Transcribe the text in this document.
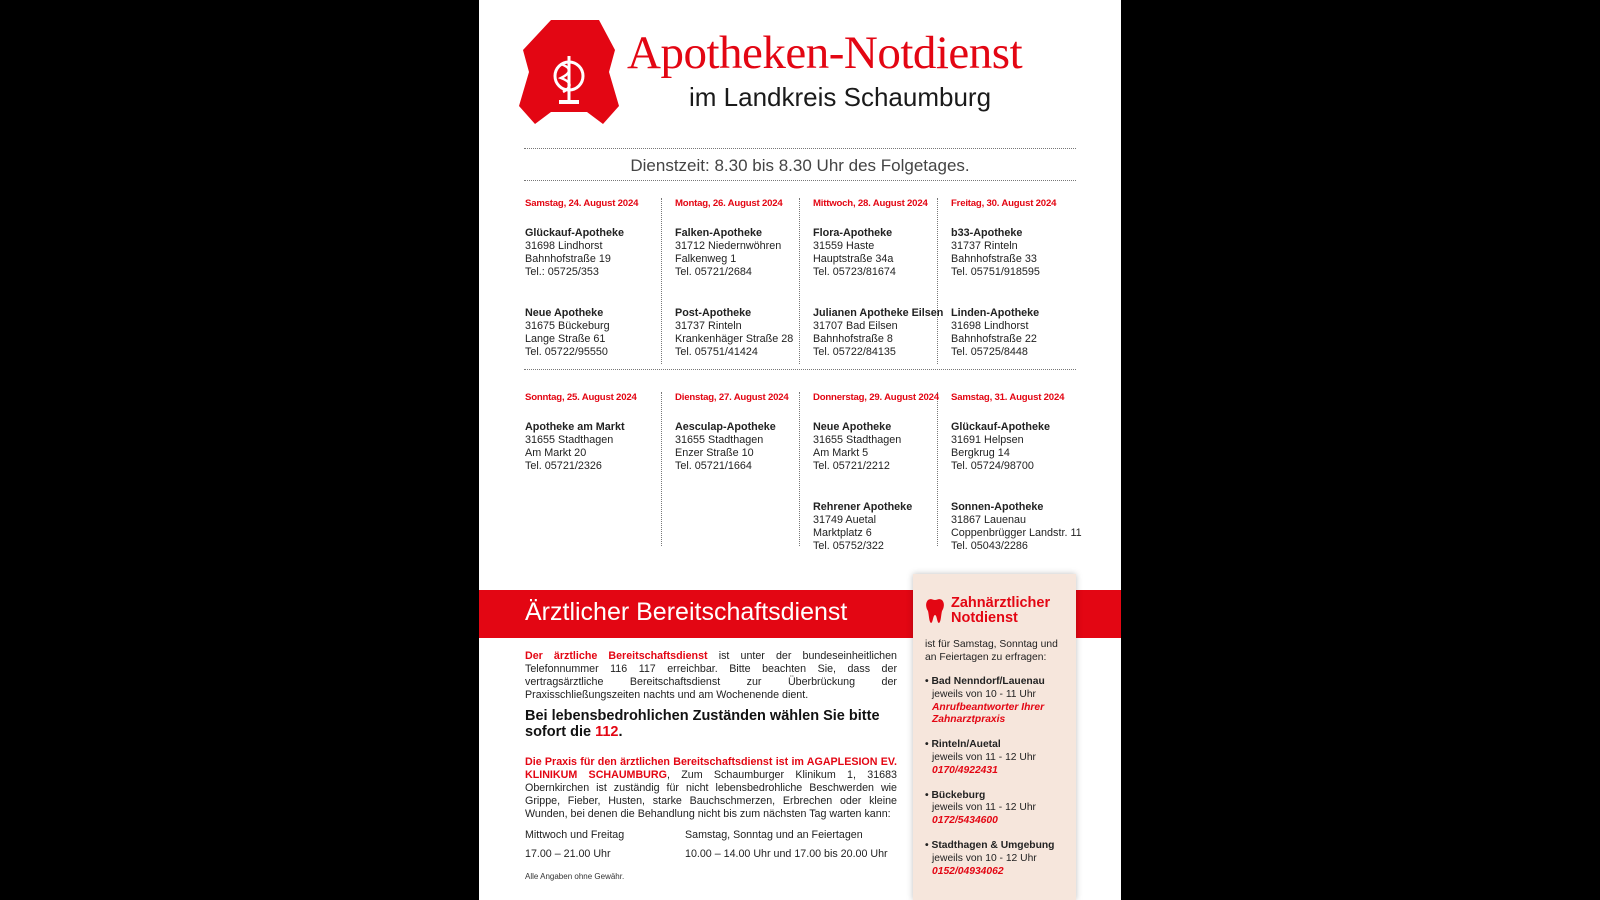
Apotheken-Notdienst
im Landkreis Schaumburg
Dienstzeit: 8.30 bis 8.30 Uhr des Folgetages.
Samstag, 24. August 2024
Glückauf-Apotheke
31698 Lindhorst
Bahnhofstraße 19
Tel.: 05725/353
Neue Apotheke
31675 Bückeburg
Lange Straße 61
Tel. 05722/95550
Montag, 26. August 2024
Falken-Apotheke
31712 Niedernwöhren
Falkenweg 1
Tel. 05721/2684
Post-Apotheke
31737 Rinteln
Krankenhäger Straße 28
Tel. 05751/41424
Mittwoch, 28. August 2024
Flora-Apotheke
31559 Haste
Hauptstraße 34a
Tel. 05723/81674
Julianen Apotheke Eilsen
31707 Bad Eilsen
Bahnhofstraße 8
Tel. 05722/84135
Freitag, 30. August 2024
b33-Apotheke
31737 Rinteln
Bahnhofstraße 33
Tel. 05751/918595
Linden-Apotheke
31698 Lindhorst
Bahnhofstraße 22
Tel. 05725/8448
Sonntag, 25. August 2024
Apotheke am Markt
31655 Stadthagen
Am Markt 20
Tel. 05721/2326
Dienstag, 27. August 2024
Aesculap-Apotheke
31655 Stadthagen
Enzer Straße 10
Tel. 05721/1664
Donnerstag, 29. August 2024
Neue Apotheke
31655 Stadthagen
Am Markt 5
Tel. 05721/2212
Rehrener Apotheke
31749 Auetal
Marktplatz 6
Tel. 05752/322
Samstag, 31. August 2024
Glückauf-Apotheke
31691 Helpsen
Bergkrug 14
Tel. 05724/98700
Sonnen-Apotheke
31867 Lauenau
Coppenbrügger Landstr. 11
Tel. 05043/2286
Ärztlicher Bereitschaftsdienst
Der ärztliche Bereitschaftsdienst ist unter der bundeseinheitlichen Telefonnummer 116 117 erreichbar. Bitte beachten Sie, dass der vertragsärztliche Bereitschaftsdienst zur Überbrückung der Praxisschließungszeiten nachts und am Wochenende dient.
Bei lebensbedrohlichen Zuständen wählen Sie bitte sofort die 112.
Die Praxis für den ärztlichen Bereitschaftsdienst ist im AGAPLESION EV. KLINIKUM SCHAUMBURG, Zum Schaumburger Klinikum 1, 31683 Obernkirchen ist zuständig für nicht lebensbedrohliche Beschwerden wie Grippe, Fieber, Husten, starke Bauchschmerzen, Erbrechen oder kleine Wunden, bei denen die Behandlung nicht bis zum nächsten Tag warten kann:
Mittwoch und Freitag
17.00 – 21.00 Uhr
Samstag, Sonntag und an Feiertagen
10.00 – 14.00 Uhr und 17.00 bis 20.00 Uhr
Alle Angaben ohne Gewähr.
Zahnärztlicher
Notdienst
ist für Samstag, Sonntag und an Feiertagen zu erfragen:
• Bad Nenndorf/Lauenau
jeweils von 10 - 11 Uhr
Anrufbeantworter Ihrer
Zahnarztpraxis
• Rinteln/Auetal
jeweils von 11 - 12 Uhr
0170/4922431
• Bückeburg
jeweils von 11 - 12 Uhr
0172/5434600
• Stadthagen & Umgebung
jeweils von 10 - 12 Uhr
0152/04934062
